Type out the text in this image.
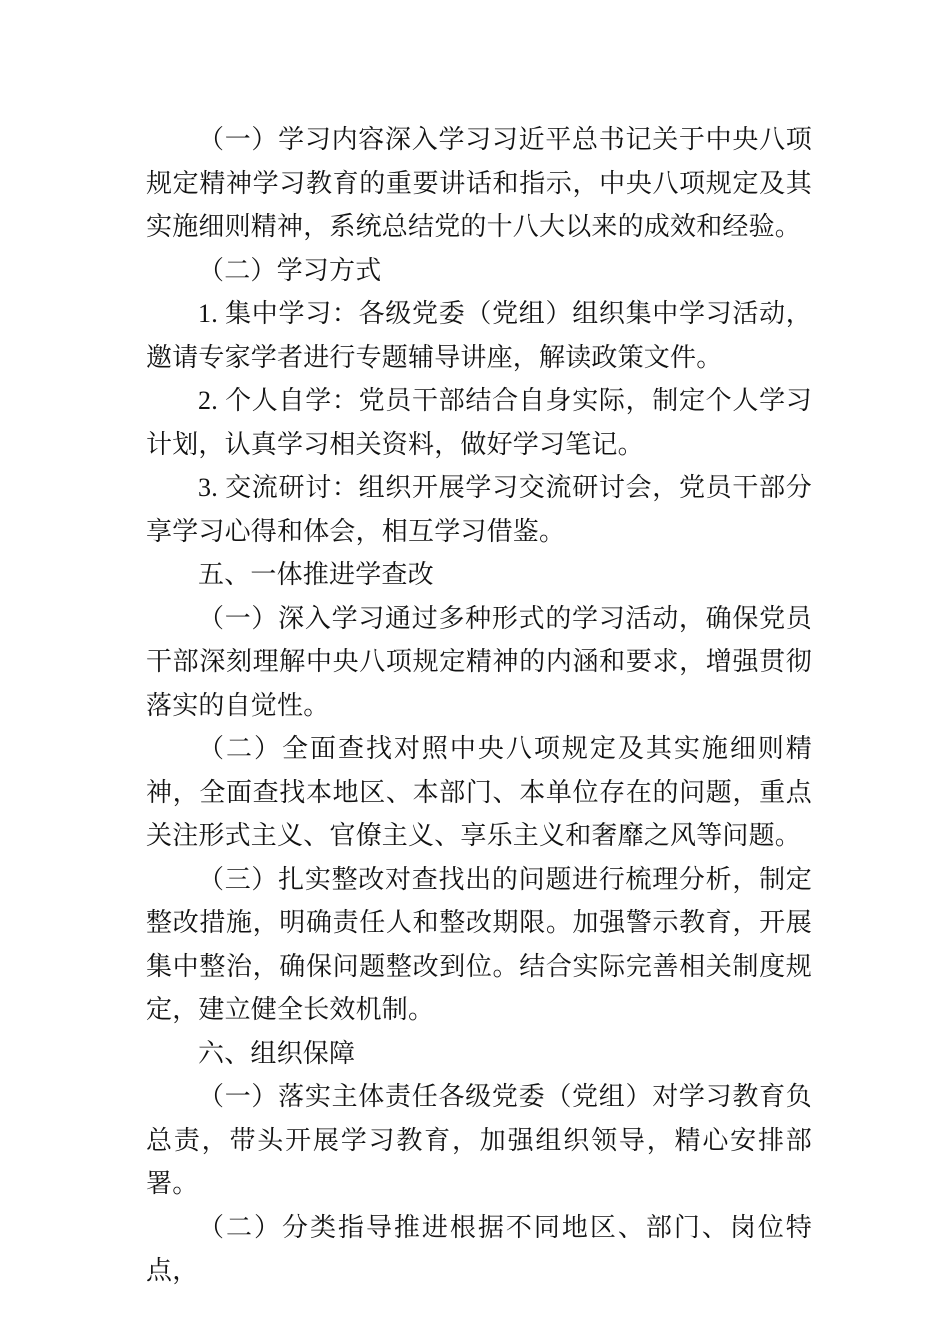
（一）学习内容深入学习习近平总书记关于中央八项规定精神学习教育的重要讲话和指示，中央八项规定及其实施细则精神，系统总结党的十八大以来的成效和经验。

（二）学习方式

1. 集中学习：各级党委（党组）组织集中学习活动，邀请专家学者进行专题辅导讲座，解读政策文件。

2. 个人自学：党员干部结合自身实际，制定个人学习计划，认真学习相关资料，做好学习笔记。

3. 交流研讨：组织开展学习交流研讨会，党员干部分享学习心得和体会，相互学习借鉴。

五、一体推进学查改

（一）深入学习通过多种形式的学习活动，确保党员干部深刻理解中央八项规定精神的内涵和要求，增强贯彻落实的自觉性。

（二）全面查找对照中央八项规定及其实施细则精神，全面查找本地区、本部门、本单位存在的问题，重点关注形式主义、官僚主义、享乐主义和奢靡之风等问题。

（三）扎实整改对查找出的问题进行梳理分析，制定整改措施，明确责任人和整改期限。加强警示教育，开展集中整治，确保问题整改到位。结合实际完善相关制度规定，建立健全长效机制。

六、组织保障

（一）落实主体责任各级党委（党组）对学习教育负总责，带头开展学习教育，加强组织领导，精心安排部署。

（二）分类指导推进根据不同地区、部门、岗位特点，
